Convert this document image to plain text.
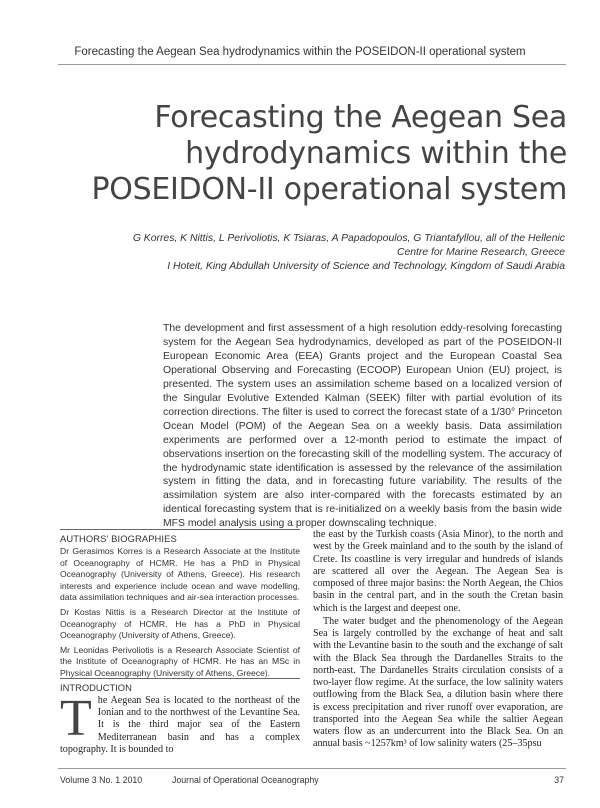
Forecasting the Aegean Sea hydrodynamics within the POSEIDON-II operational system
Forecasting the Aegean Sea
hydrodynamics within the
POSEIDON-II operational system
G Korres, K Nittis, L Perivoliotis, K Tsiaras, A Papadopoulos, G Triantafyllou, all of the Hellenic
Centre for Marine Research, Greece
I Hoteit, King Abdullah University of Science and Technology, Kingdom of Saudi Arabia

The development and first assessment of a high resolution eddy-resolving forecasting system for the Aegean Sea hydrodynamics, developed as part of the POSEIDON-II European Economic Area (EEA) Grants project and the European Coastal Sea Operational Observing and Forecasting (ECOOP) European Union (EU) project, is presented. The system uses an assimilation scheme based on a localized version of the Singular Evolutive Extended Kalman (SEEK) filter with partial evolution of its correction directions. The filter is used to correct the forecast state of a 1/30° Princeton Ocean Model (POM) of the Aegean Sea on a weekly basis. Data assimilation experiments are performed over a 12-month period to estimate the impact of observations insertion on the forecasting skill of the modelling system. The accuracy of the hydrodynamic state identification is assessed by the relevance of the assimilation system in fitting the data, and in forecasting future variability. The results of the assimilation system are also inter-compared with the forecasts estimated by an identical forecasting system that is re-initialized on a weekly basis from the basin wide MFS model analysis using a proper downscaling technique.

AUTHORS' BIOGRAPHIES

Dr Gerasimos Korres is a Research Associate at the Institute of Oceanography of HCMR. He has a PhD in Physical Oceanography (University of Athens, Greece). His research interests and experience include ocean and wave modelling, data assimilation techniques and air-sea interaction processes.

Dr Kostas Nittis is a Research Director at the Institute of Oceanography of HCMR. He has a PhD in Physical Oceanography (University of Athens, Greece).

Mr Leonidas Perivoliotis is a Research Associate Scientist of the Institute of Oceanography of HCMR. He has an MSc in Physical Oceanography (University of Athens, Greece).

INTRODUCTION
T he Aegean Sea is located to the northeast of the Ionian and to the northwest of the Levantine Sea. It is the third major sea of the Eastern Mediterranean basin and has a complex topography. It is bounded to

the east by the Turkish coasts (Asia Minor), to the north and west by the Greek mainland and to the south by the island of Crete. Its coastline is very irregular and hundreds of islands are scattered all over the Aegean. The Aegean Sea is composed of three major basins: the North Aegean, the Chios basin in the central part, and in the south the Cretan basin which is the largest and deepest one.

The water budget and the phenomenology of the Aegean Sea is largely controlled by the exchange of heat and salt with the Levantine basin to the south and the exchange of salt with the Black Sea through the Dardanelles Straits to the north-east. The Dardanelles Straits circulation consists of a two-layer flow regime. At the surface, the low salinity waters outflowing from the Black Sea, a dilution basin where there is excess precipitation and river runoff over evaporation, are transported into the Aegean Sea while the saltier Aegean waters flow as an undercurrent into the Black Sea. On an annual basis ~1257km³ of low salinity waters (25–35psu

Volume 3 No. 1 2010	Journal of Operational Oceanography	37
